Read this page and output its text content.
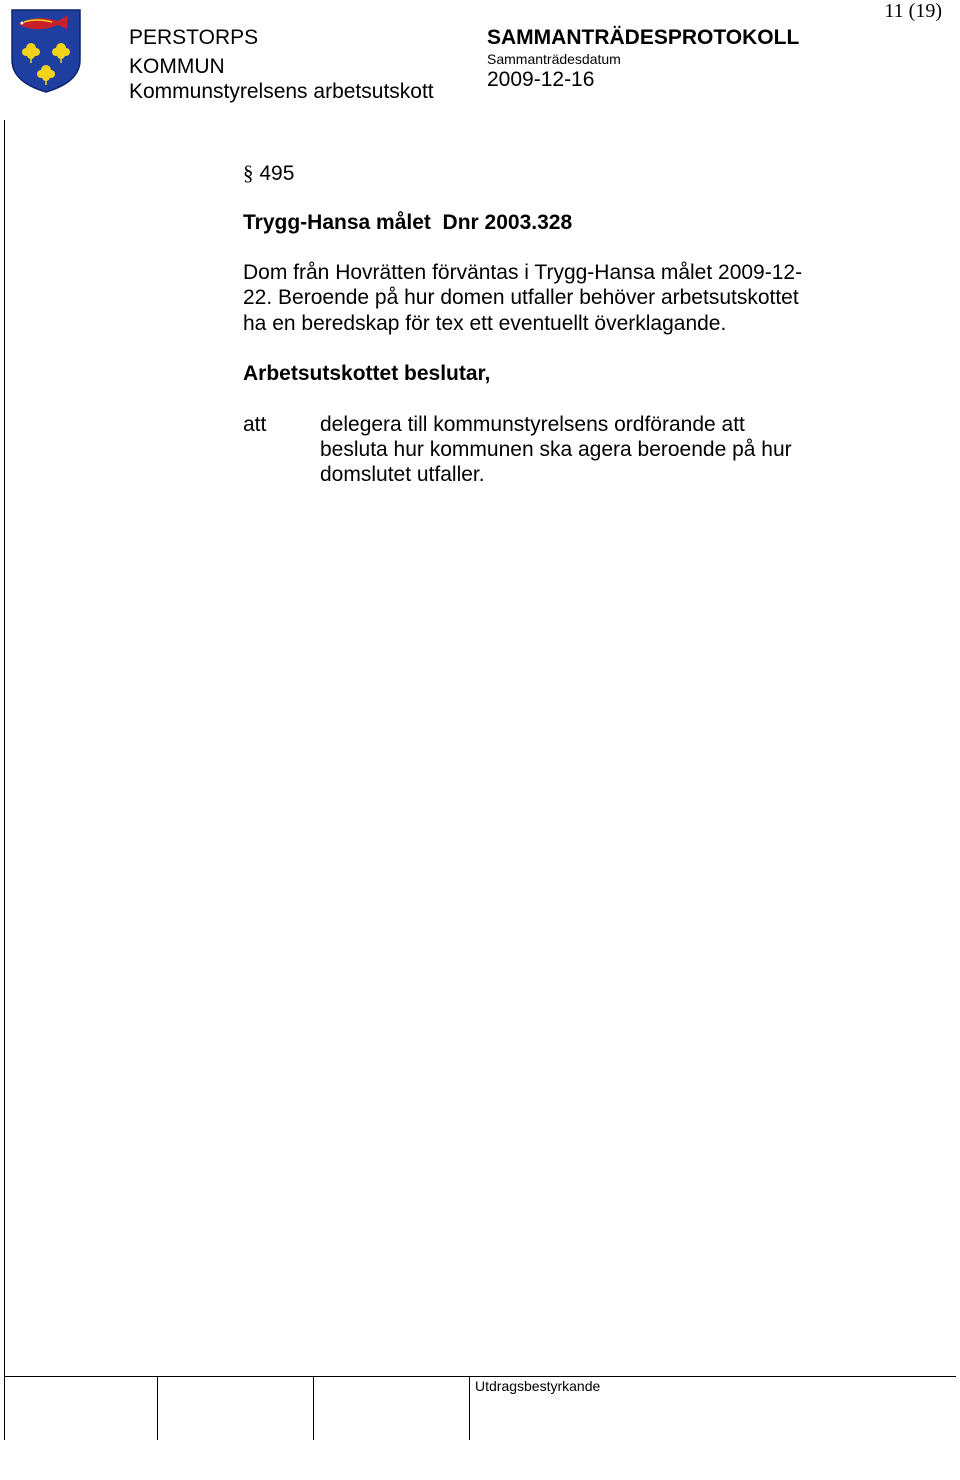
11 (19)
PERSTORPS
KOMMUN
Kommunstyrelsens arbetsutskott
SAMMANTRÄDESPROTOKOLL
Sammanträdesdatum
2009-12-16
§ 495
Trygg-Hansa målet  Dnr 2003.328
Dom från Hovrätten förväntas i Trygg-Hansa målet 2009-12-
22. Beroende på hur domen utfaller behöver arbetsutskottet
ha en beredskap för tex ett eventuellt överklagande.
Arbetsutskottet beslutar,
att	delegera till kommunstyrelsens ordförande att
besluta hur kommunen ska agera beroende på hur
domslutet utfaller.
Utdragsbestyrkande
